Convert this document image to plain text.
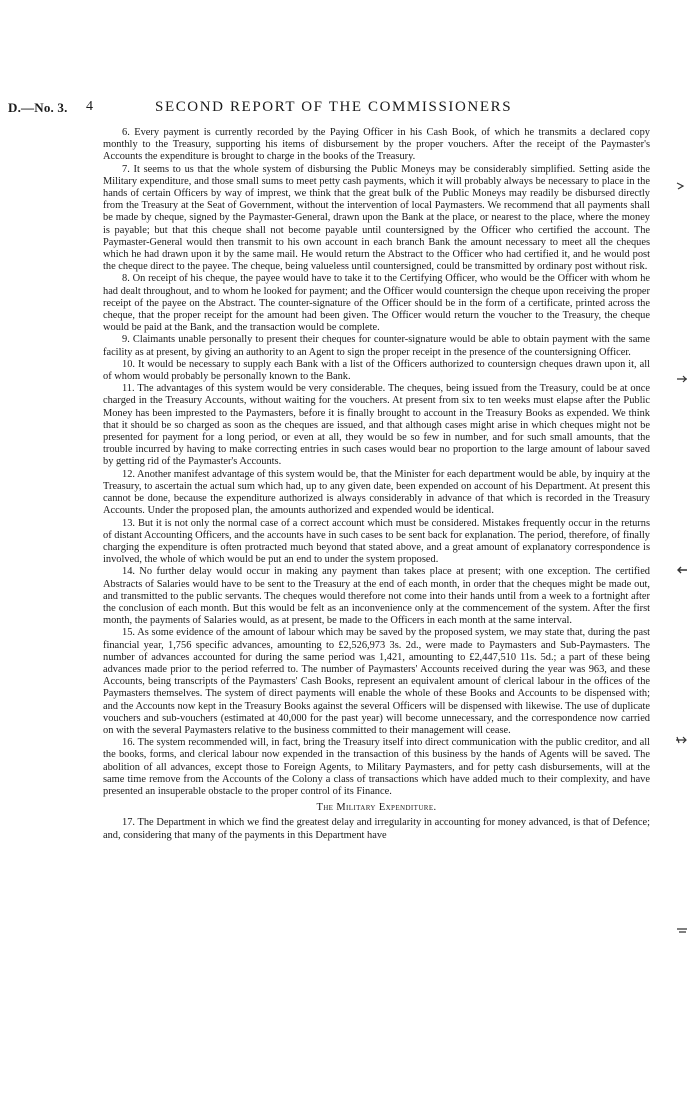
D.—No. 3. 4	SECOND REPORT OF THE COMMISSIONERS

6. Every payment is currently recorded by the Paying Officer in his Cash Book, of which he transmits a declared copy monthly to the Treasury, supporting his items of disbursement by the proper vouchers. After the receipt of the Paymaster's Accounts the expenditure is brought to charge in the books of the Treasury.

7. It seems to us that the whole system of disbursing the Public Moneys may be considerably simplified. Setting aside the Military expenditure, and those small sums to meet petty cash payments, which it will probably always be necessary to place in the hands of certain Officers by way of imprest, we think that the great bulk of the Public Moneys may readily be disbursed directly from the Treasury at the Seat of Government, without the intervention of local Paymasters. We recommend that all payments shall be made by cheque, signed by the Paymaster-General, drawn upon the Bank at the place, or nearest to the place, where the money is payable; but that this cheque shall not become payable until countersigned by the Officer who certified the account. The Paymaster-General would then transmit to his own account in each branch Bank the amount necessary to meet all the cheques which he had drawn upon it by the same mail. He would return the Abstract to the Officer who had certified it, and he would post the cheque direct to the payee. The cheque, being valueless until countersigned, could be transmitted by ordinary post without risk.

8. On receipt of his cheque, the payee would have to take it to the Certifying Officer, who would be the Officer with whom he had dealt throughout, and to whom he looked for payment; and the Officer would countersign the cheque upon receiving the proper receipt of the payee on the Abstract. The counter-signature of the Officer should be in the form of a certificate, printed across the cheque, that the proper receipt for the amount had been given. The Officer would return the voucher to the Treasury, the cheque would be paid at the Bank, and the transaction would be complete.

9. Claimants unable personally to present their cheques for counter-signature would be able to obtain payment with the same facility as at present, by giving an authority to an Agent to sign the proper receipt in the presence of the countersigning Officer.

10. It would be necessary to supply each Bank with a list of the Officers authorized to countersign cheques drawn upon it, all of whom would probably be personally known to the Bank.

11. The advantages of this system would be very considerable. The cheques, being issued from the Treasury, could be at once charged in the Treasury Accounts, without waiting for the vouchers. At present from six to ten weeks must elapse after the Public Money has been imprested to the Paymasters, before it is finally brought to account in the Treasury Books as expended. We think that it should be so charged as soon as the cheques are issued, and that although cases might arise in which cheques might not be presented for payment for a long period, or even at all, they would be so few in number, and for such small amounts, that the trouble incurred by having to make correcting entries in such cases would bear no proportion to the large amount of labour saved by getting rid of the Paymaster's Accounts.

12. Another manifest advantage of this system would be, that the Minister for each department would be able, by inquiry at the Treasury, to ascertain the actual sum which had, up to any given date, been expended on account of his Department. At present this cannot be done, because the expenditure authorized is always considerably in advance of that which is recorded in the Treasury Accounts. Under the proposed plan, the amounts authorized and expended would be identical.

13. But it is not only the normal case of a correct account which must be considered. Mistakes frequently occur in the returns of distant Accounting Officers, and the accounts have in such cases to be sent back for explanation. The period, therefore, of finally charging the expenditure is often protracted much beyond that stated above, and a great amount of explanatory correspondence is involved, the whole of which would be put an end to under the system proposed.

14. No further delay would occur in making any payment than takes place at present; with one exception. The certified Abstracts of Salaries would have to be sent to the Treasury at the end of each month, in order that the cheques might be made out, and transmitted to the public servants. The cheques would therefore not come into their hands until from a week to a fortnight after the conclusion of each month. But this would be felt as an inconvenience only at the commencement of the system. After the first month, the payments of Salaries would, as at present, be made to the Officers in each month at the same interval.

15. As some evidence of the amount of labour which may be saved by the proposed system, we may state that, during the past financial year, 1,756 specific advances, amounting to £2,526,973 3s. 2d., were made to Paymasters and Sub-Paymasters. The number of advances accounted for during the same period was 1,421, amounting to £2,447,510 11s. 5d.; a part of these being advances made prior to the period referred to. The number of Paymasters' Accounts received during the year was 963, and these Accounts, being transcripts of the Paymasters' Cash Books, represent an equivalent amount of clerical labour in the offices of the Paymasters themselves. The system of direct payments will enable the whole of these Books and Accounts to be dispensed with; and the Accounts now kept in the Treasury Books against the several Officers will be dispensed with likewise. The use of duplicate vouchers and sub-vouchers (estimated at 40,000 for the past year) will become unnecessary, and the correspondence now carried on with the several Paymasters relative to the business committed to their management will cease.

16. The system recommended will, in fact, bring the Treasury itself into direct communication with the public creditor, and all the books, forms, and clerical labour now expended in the transaction of this business by the hands of Agents will be saved. The abolition of all advances, except those to Foreign Agents, to Military Paymasters, and for petty cash disbursements, will at the same time remove from the Accounts of the Colony a class of transactions which have added much to their complexity, and have presented an insuperable obstacle to the proper control of its Finance.

The Military Expenditure.

17. The Department in which we find the greatest delay and irregularity in accounting for money advanced, is that of Defence; and, considering that many of the payments in this Department have
